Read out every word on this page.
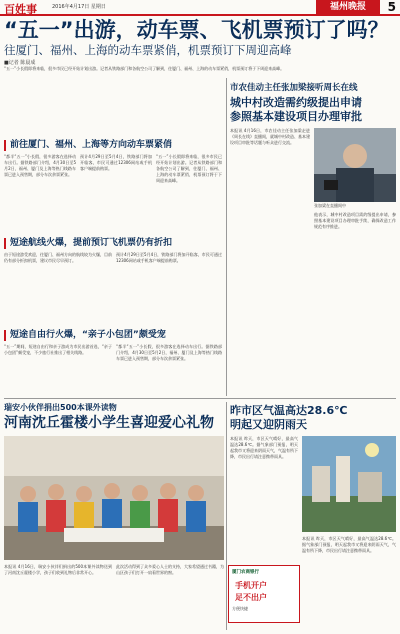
百姓事	2016年4月17日 星期日	福州晚报	5
“五一”出游，动车票、飞机票预订了吗？
往厦门、福州、上海的动车票紧俏，机票预订下周迎高峰
■记者 陈晨成
“五一”小长假即将来临，很多市民已经开始计划出游。记者从铁路部门和各航空公司了解到，往厦门、福州、上海的动车票紧俏，机票预订将于下周迎来高峰。
前往厦门、福州、上海等方向动车票紧俏
“都半“五一”小长假，很多游客在选择动车出行。据铁路部门介绍，4月30日至5月2日，福州、厦门及上海等热门线路车票已进入预售期，部分车次余票紧张。
预计4月29日至5月4日，铁路部门将加开临客，市民可通过12306网站或手机客户端提前购票。
“五一”小长假即将来临，很多市民已经开始计划出游。记者从铁路部门和各航空公司了解到，往厦门、福州、上海的动车票紧俏，机票预订将于下周迎来高峰。
短途航线火爆，提前预订飞机票仍有折扣
由于短途游受欢迎，往厦门、福州方向的航线较为火爆，目前仍有部分折扣机票，建议市民尽早预订。
预计4月29日至5月4日，铁路部门将加开临客，市民可通过12306网站或手机客户端提前购票。
短途自由行火爆，“亲子小包团”颇受宠
“五一”期间，短途自由行和亲子游成为市民出游首选，“亲子小包团”颇受宠，不少旅行社推出了相关线路。
“都半“五一”小长假，很多游客在选择动车出行。据铁路部门介绍，4月30日至5月2日，福州、厦门及上海等热门线路车票已进入预售期，部分车次余票紧张。
市农佳动主任张加梁接听周长在线
城中村改造需约级提出申请
参照基本建设项目办理审批
本报讯 4月16日，市农佳动主任张加梁走进《周长在线》直播间，就城中村改造、基本建设项目审批等话题与听众进行交流。
张加梁在直播间中
他表示，城中村改造项目需约级提出申请，参照基本建设项目办理审批手续，确保改造工作规范有序推进。
瑞安小伙伴捐出500本课外读物
河南沈丘霍楼小学生喜迎爱心礼物
本报讯 4月16日，瑞安小伙伴们捐出的500本课外读物送到了河南沈丘霍楼小学，孩子们收到礼物后非常开心。
此次活动得到了众多爱心人士的支持，大家希望通过书籍，为山区孩子们打开一扇看世界的窗。
昨市区气温高达28.6℃
明起又迎阴雨天
本报讯 昨天，市区天气晴好，最高气温达28.6℃。据气象部门预报，明天起我市又将迎来阴雨天气，气温有所下降，市民出行请注意携带雨具。
本报讯 昨天，市区天气晴好，最高气温达28.6℃。据气象部门预报，明天起我市又将迎来阴雨天气，气温有所下降，市民出行请注意携带雨具。
厦门农商银行
手机开户
足不出户
方便快捷
